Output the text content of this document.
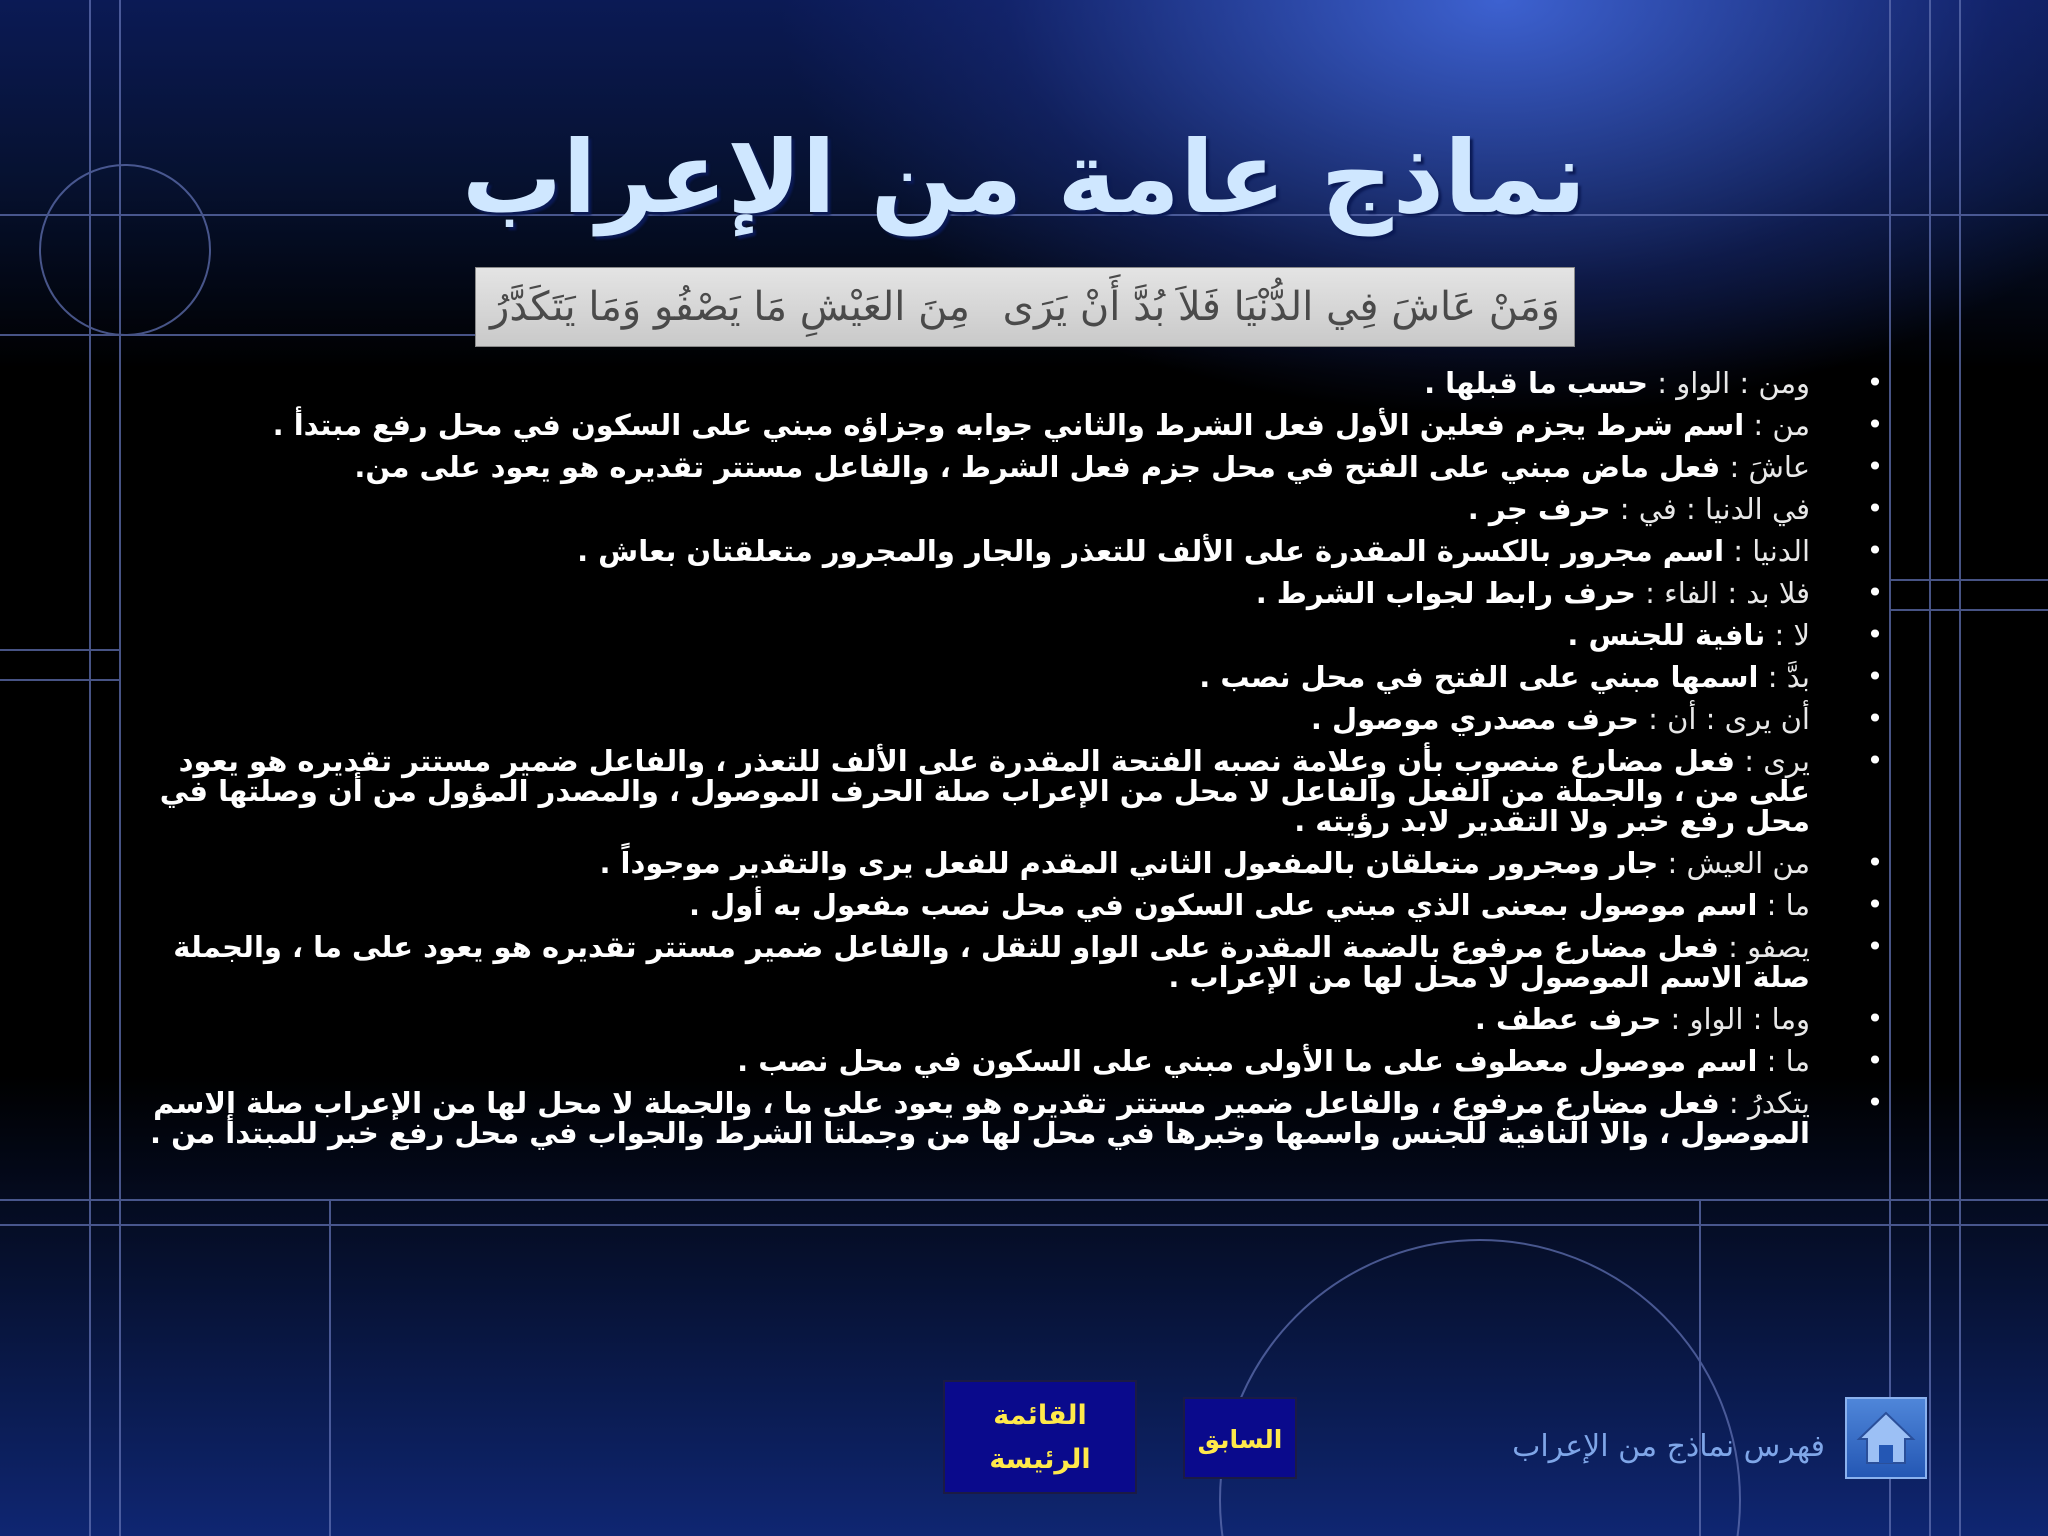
نماذج عامة من الإعراب
وَمَنْ عَاشَ فِي الدُّنْيَا فَلاَ بُدَّ أَنْ يَرَى
مِنَ العَيْشِ مَا يَصْفُو وَمَا يَتَكَدَّرُ
•
ومن : الواو : حسب ما قبلها .
•
من : اسم شرط يجزم فعلين الأول فعل الشرط والثاني جوابه وجزاؤه مبني على السكون في محل رفع مبتدأ .
•
عاشَ : فعل ماض مبني على الفتح في محل جزم فعل الشرط ، والفاعل مستتر تقديره هو يعود على من.
•
في الدنيا : في : حرف جر .
•
الدنيا : اسم مجرور بالكسرة المقدرة على الألف للتعذر والجار والمجرور متعلقتان بعاش .
•
فلا بد : الفاء : حرف رابط لجواب الشرط .
•
لا : نافية للجنس .
•
بدَّ : اسمها مبني على الفتح في محل نصب .
•
أن يرى : أن : حرف مصدري موصول .
•
يرى : فعل مضارع منصوب بأن وعلامة نصبه الفتحة المقدرة على الألف للتعذر ، والفاعل ضمير مستتر تقديره هو يعود على من ، والجملة من الفعل والفاعل لا محل من الإعراب صلة الحرف الموصول ، والمصدر المؤول من أن وصلتها في محل رفع خبر ولا التقدير لابد رؤيته .
•
من العيش : جار ومجرور متعلقان بالمفعول الثاني المقدم للفعل يرى والتقدير موجوداً .
•
ما : اسم موصول بمعنى الذي مبني على السكون في محل نصب مفعول به أول .
•
يصفو : فعل مضارع مرفوع بالضمة المقدرة على الواو للثقل ، والفاعل ضمير مستتر تقديره هو يعود على ما ، والجملة صلة الاسم الموصول لا محل لها من الإعراب .
•
وما : الواو : حرف عطف .
•
ما : اسم موصول معطوف على ما الأولى مبني على السكون في محل نصب .
•
يتكدرُ : فعل مضارع مرفوع ، والفاعل ضمير مستتر تقديره هو يعود على ما ، والجملة لا محل لها من الإعراب صلة الاسم الموصول ، والا النافية للجنس واسمها وخبرها في محل لها من وجملتا الشرط والجواب في محل رفع خبر للمبتدأ من .
القائمة
الرئيسة
السابق	فهرس نماذج من الإعراب
